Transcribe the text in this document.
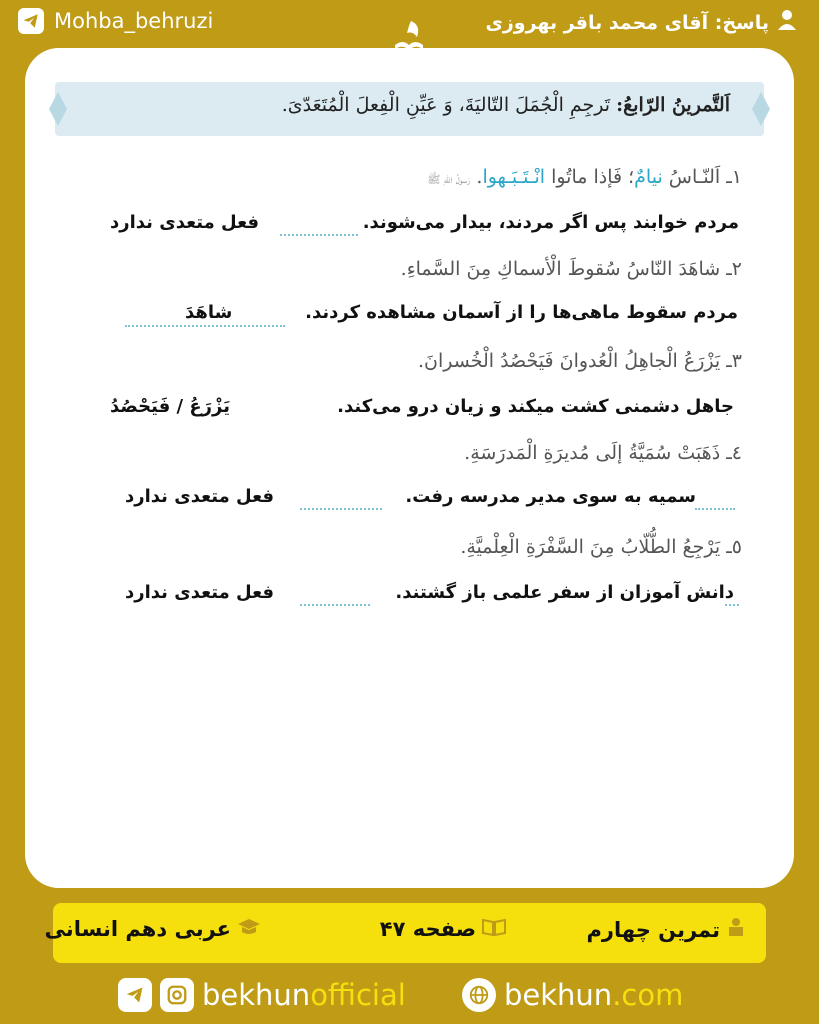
Mohba_behruzi	پاسخ: آقای محمد باقر بهروزی
اَلتَّمرینُ الرّابعُ: تَرجِمِ الْجُمَلَ التّالیَةَ، وَ عَیِّنِ الْفِعلَ الْمُتَعَدّیَ.
۱ـ اَلنّـاسُ نیامٌ؛ فَإذا ماتُوا انْـتَـبَـهوا. رَسولُ اللّهِ ﷺ
مردم خوابند پس اگر مردند، بیدار می‌شوند.
فعل متعدی ندارد
۲ـ شاهَدَ النّاسُ سُقوطَ الْأسماكِ مِنَ السَّماءِ.
مردم سقوط ماهی‌ها را از آسمان مشاهده کردند.
شاهَدَ
۳ـ یَزْرَعُ الْجاهِلُ الْعُدوانَ فَیَحْصُدُ الْخُسرانَ.
جاهل دشمنی کشت میکند و زیان درو می‌کند.
یَزْرَعُ / فَیَحْصُدُ
٤ـ ذَهَبَتْ سُمَیَّةُ إلَى مُدیرَةِ الْمَدرَسَةِ.
سمیه به سوی مدیر مدرسه رفت.
فعل متعدی ندارد
٥ـ یَرْجِعُ الطُّلّابُ مِنَ السَّفْرَةِ الْعِلْمیَّةِ.
دانش آموزان از سفر علمی باز گشتند.
فعل متعدی ندارد
تمرین چهارم
صفحه ۴۷
عربی دهم انسانی
bekhunofficial	bekhun.com
